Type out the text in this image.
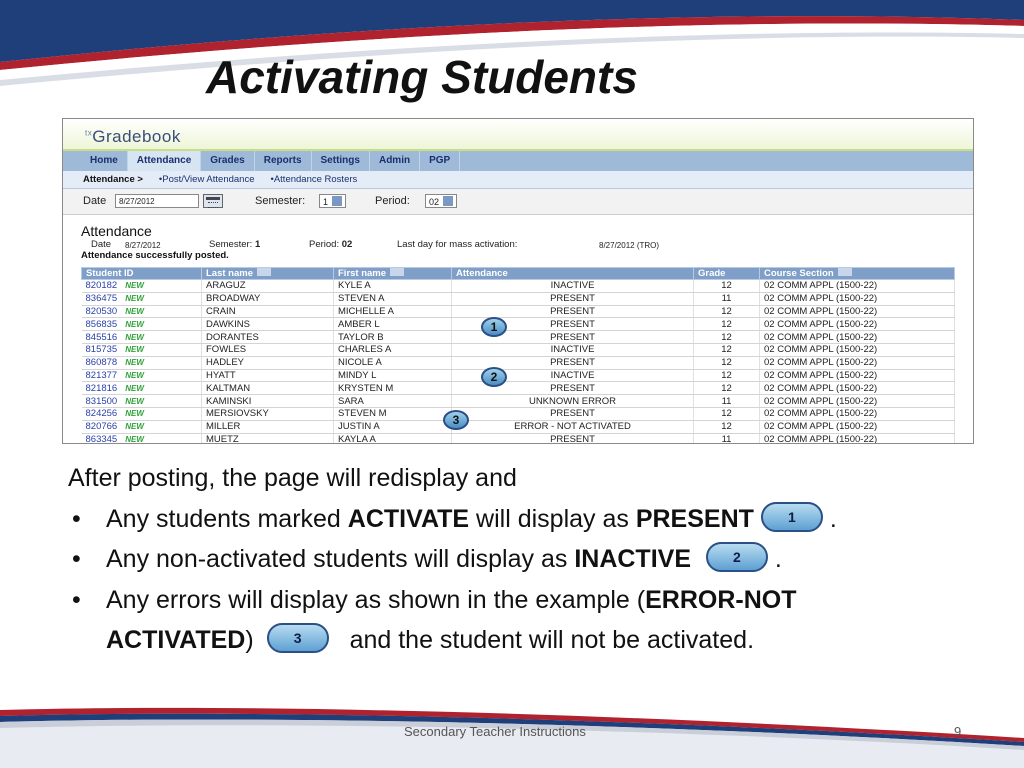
Activating Students
$^{tx}$Gradebook
Home	Attendance	Grades	Reports	Settings	Admin	PGP
Attendance > •Post/View Attendance •Attendance Rosters
Date	8/27/2012	Semester:	1	Period:	02
Attendance
Date 8/27/2012	Semester: 1	Period: 02	Last day for mass activation:	8/27/2012 (TRO)
Attendance successfully posted.
Student ID	Last name	First name	Attendance	Grade	Course Section
820182 NEW	ARAGUZ	KYLE A	INACTIVE	12	02 COMM APPL (1500-22)
836475 NEW	BROADWAY	STEVEN A	PRESENT	11	02 COMM APPL (1500-22)
820530 NEW	CRAIN	MICHELLE A	PRESENT	12	02 COMM APPL (1500-22)
856835 NEW	DAWKINS	AMBER L	PRESENT	12	02 COMM APPL (1500-22)
845516 NEW	DORANTES	TAYLOR B	PRESENT	12	02 COMM APPL (1500-22)
815735 NEW	FOWLES	CHARLES A	INACTIVE	12	02 COMM APPL (1500-22)
860878 NEW	HADLEY	NICOLE A	PRESENT	12	02 COMM APPL (1500-22)
821377 NEW	HYATT	MINDY L	INACTIVE	12	02 COMM APPL (1500-22)
821816 NEW	KALTMAN	KRYSTEN M	PRESENT	12	02 COMM APPL (1500-22)
831500 NEW	KAMINSKI	SARA	UNKNOWN ERROR	11	02 COMM APPL (1500-22)
824256 NEW	MERSIOVSKY	STEVEN M	PRESENT	12	02 COMM APPL (1500-22)
820766 NEW	MILLER	JUSTIN A	ERROR - NOT ACTIVATED	12	02 COMM APPL (1500-22)
863345 NEW	MUETZ	KAYLA A	PRESENT	11	02 COMM APPL (1500-22)
1
2
3
After posting, the page will redisplay and
• Any students marked ACTIVATE will display as PRESENT 1 .
• Any non-activated students will display as INACTIVE	2 .
• Any errors will display as shown in the example (ERROR-NOT
ACTIVATED)	3 and the student will not be activated.
Secondary Teacher Instructions	9
